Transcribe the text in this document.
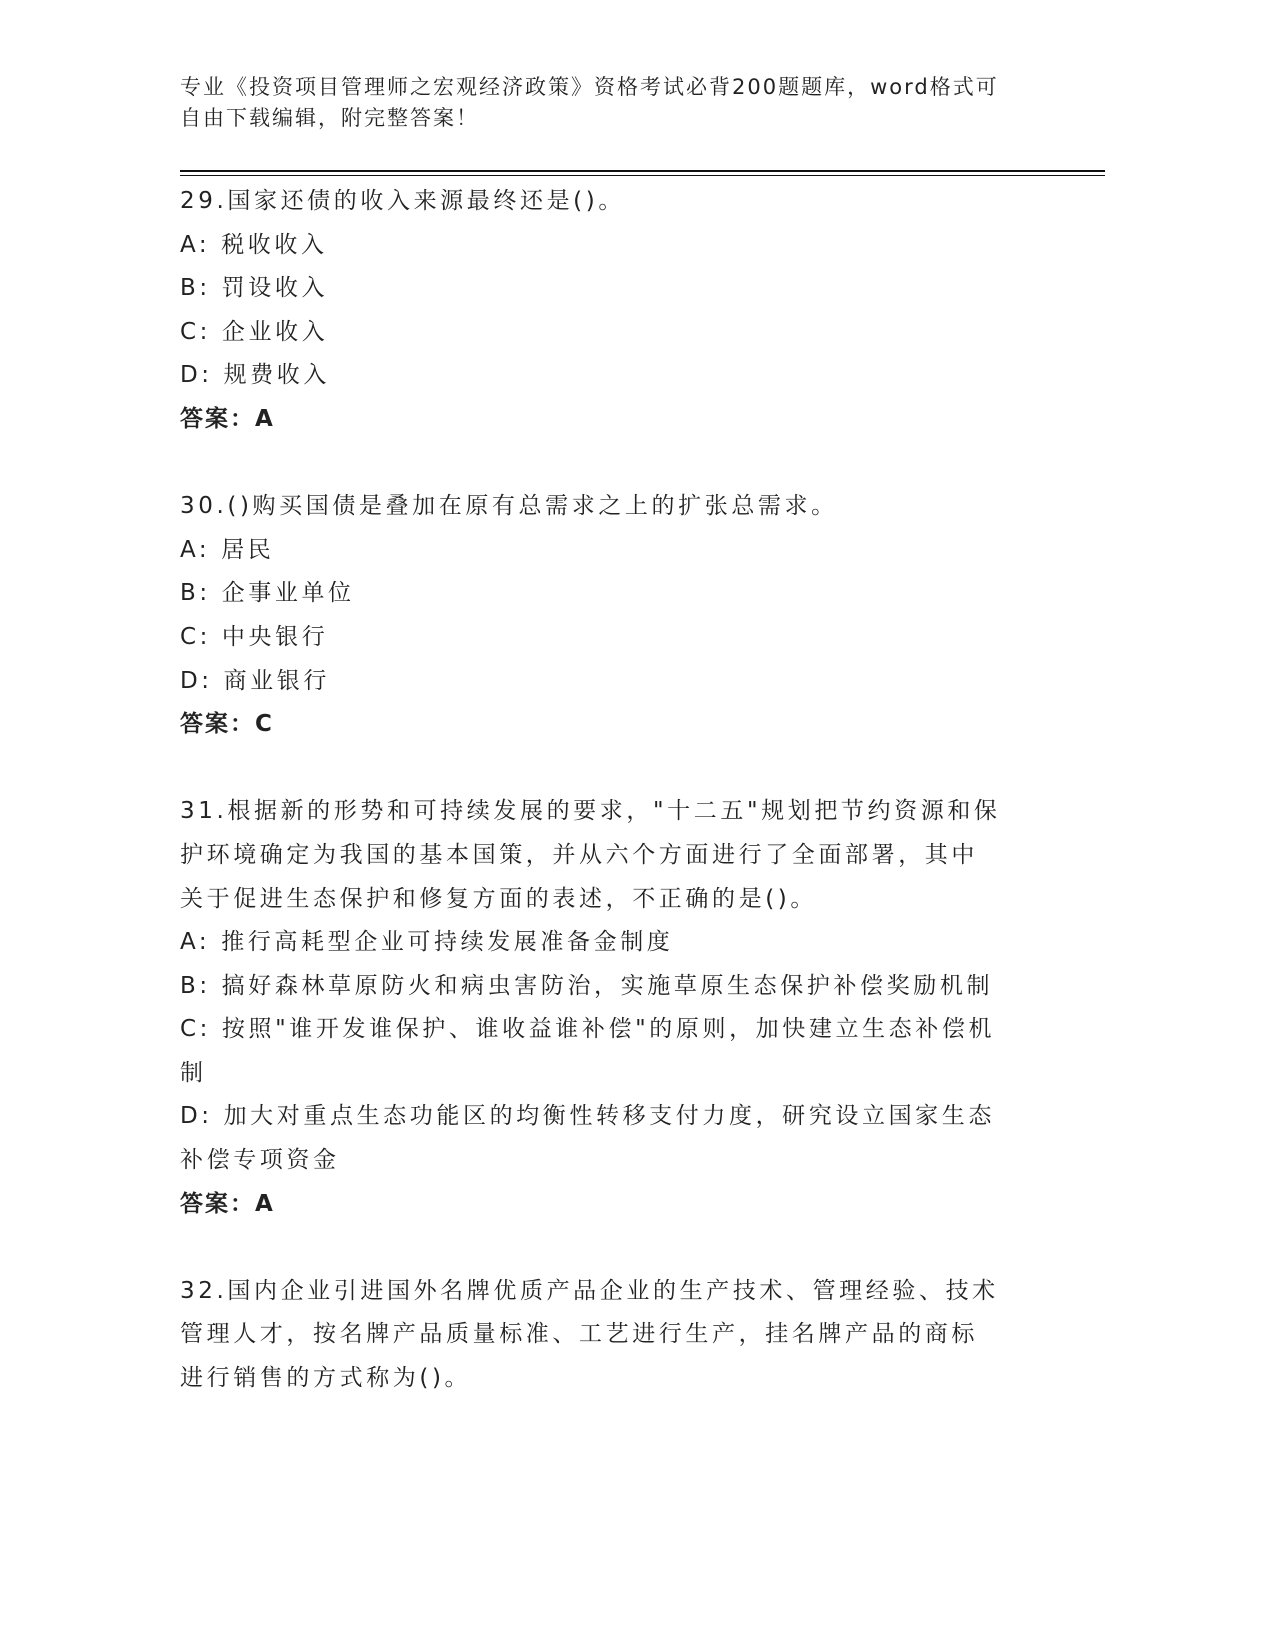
专业《投资项目管理师之宏观经济政策》资格考试必背200题题库，word格式可
自由下载编辑，附完整答案！
29.国家还债的收入来源最终还是()。
A: 税收收入
B: 罚设收入
C: 企业收入
D: 规费收入
答案：A
30.()购买国债是叠加在原有总需求之上的扩张总需求。
A: 居民
B: 企事业单位
C: 中央银行
D: 商业银行
答案：C
31.根据新的形势和可持续发展的要求，"十二五"规划把节约资源和保
护环境确定为我国的基本国策，并从六个方面进行了全面部署，其中
关于促进生态保护和修复方面的表述，不正确的是()。
A: 推行高耗型企业可持续发展准备金制度
B: 搞好森林草原防火和病虫害防治，实施草原生态保护补偿奖励机制
C: 按照"谁开发谁保护、谁收益谁补偿"的原则，加快建立生态补偿机
制
D: 加大对重点生态功能区的均衡性转移支付力度，研究设立国家生态
补偿专项资金
答案：A
32.国内企业引进国外名牌优质产品企业的生产技术、管理经验、技术
管理人才，按名牌产品质量标准、工艺进行生产，挂名牌产品的商标
进行销售的方式称为()。
